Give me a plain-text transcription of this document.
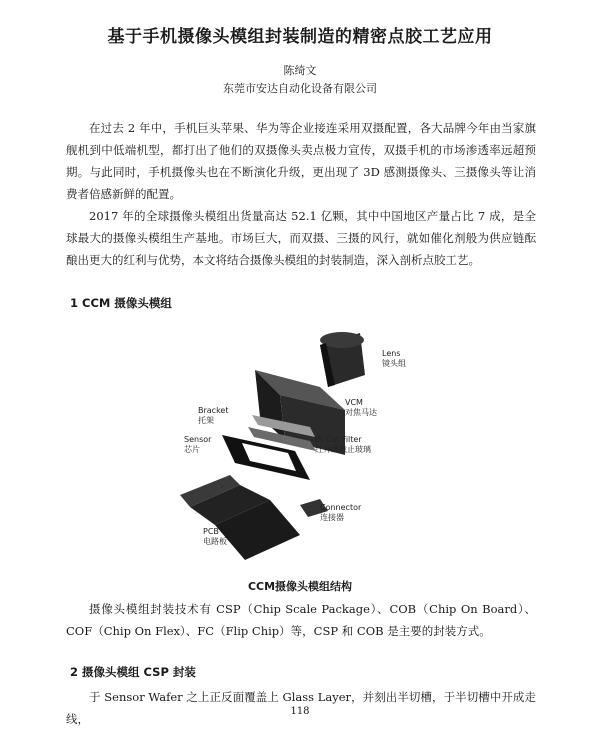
基于手机摄像头模组封装制造的精密点胶工艺应用
陈绮文
东莞市安达自动化设备有限公司

在过去 2 年中，手机巨头苹果、华为等企业接连采用双摄配置，各大品牌今年由当家旗舰机到中低端机型，都打出了他们的双摄像头卖点极力宣传，双摄手机的市场渗透率远超预期。与此同时，手机摄像头也在不断演化升级，更出现了 3D 感测摄像头、三摄像头等让消费者倍感新鲜的配置。

2017 年的全球摄像头模组出货量高达 52.1 亿颗，其中中国地区产量占比 7 成，是全球最大的摄像头模组生产基地。市场巨大，而双摄、三摄的风行，就如催化剂般为供应链酝酿出更大的红利与优势，本文将结合摄像头模组的封装制造，深入剖析点胶工艺。

1 CCM 摄像头模组
Lens
镜头组
VCM
对焦马达
Bracket
托架
Sensor
芯片
IR-Cut Filter
红外线截止玻璃
Connector
连接器
PCB
电路板
CCM摄像头模组结构

摄像头模组封装技术有 CSP（Chip Scale Package）、COB（Chip On Board）、COF（Chip On Flex）、FC（Flip Chip）等，CSP 和 COB 是主要的封装方式。

2 摄像头模组 CSP 封装

于 Sensor Wafer 之上正反面覆盖上 Glass Layer，并刻出半切槽，于半切槽中开成走线，

118
